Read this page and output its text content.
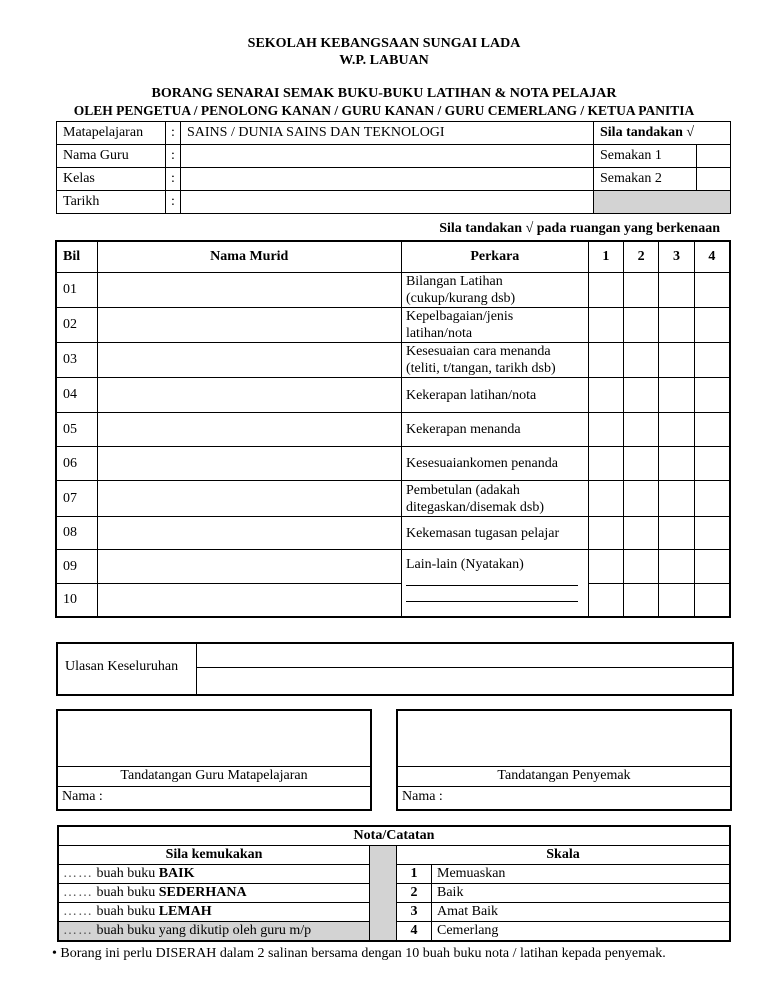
SEKOLAH KEBANGSAAN SUNGAI LADA
W.P. LABUAN
BORANG SENARAI SEMAK BUKU-BUKU LATIHAN & NOTA PELAJAR
OLEH PENGETUA / PENOLONG KANAN / GURU KANAN / GURU CEMERLANG / KETUA PANITIA
Matapelajaran	:	SAINS / DUNIA SAINS DAN TEKNOLOGI	Sila tandakan √	
Nama Guru	:		Semakan 1	
Kelas	:		Semakan 2	
Tarikh	:			
Sila tandakan √ pada ruangan yang berkenaan
Bil	Nama Murid	Perkara	1	2	3	4
01		Bilangan Latihan
(cukup/kurang dsb)				

02		Kepelbagaian/jenis
latihan/nota				

03		Kesesuaian cara menanda
(teliti, t/tangan, tarikh dsb)				

04		Kekerapan latihan/nota				
05		Kekerapan menanda				
06		Kesesuaiankomen penanda				
07		Pembetulan (adakah
ditegaskan/disemak dsb)				

08		Kekemasan tugasan pelajar				
09		Lain-lain (Nyatakan)				

10						
Ulasan Keseluruhan
Tandatangan Guru Matapelajaran
Nama :
Tandatangan Penyemak
Nama :
Nota/Catatan			
Sila kemukakan		Skala	
…… buah buku BAIK		1	Memuaskan
…… buah buku SEDERHANA		2	Baik
…… buah buku LEMAH		3	Amat Baik
…… buah buku yang dikutip oleh guru m/p		4	Cemerlang
• Borang ini perlu DISERAH dalam 2 salinan bersama dengan 10 buah buku nota / latihan kepada penyemak.
